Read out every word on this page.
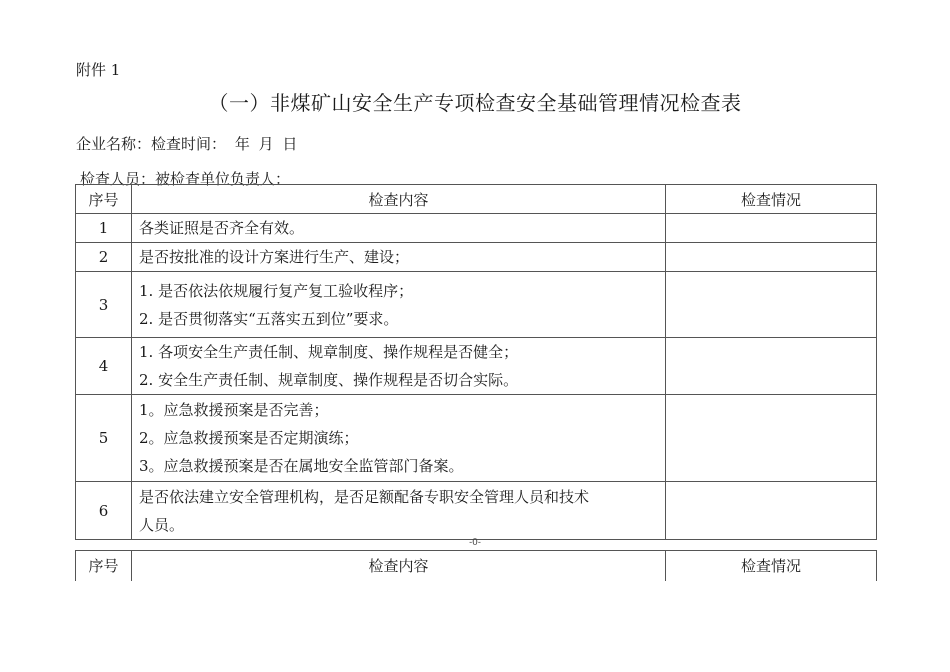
附件 1
（一）非煤矿山安全生产专项检查安全基础管理情况检查表
企业名称：检查时间： 年 月 日
检查人员：被检查单位负责人：
序号	检查内容	检查情况
1	各类证照是否齐全有效。	

2	是否按批准的设计方案进行生产、建设；	

3	1. 是否依法依规履行复产复工验收程序；
2. 是否贯彻落实“五落实五到位”要求。	

4	1. 各项安全生产责任制、规章制度、操作规程是否健全；
2. 安全生产责任制、规章制度、操作规程是否切合实际。	

5	1。应急救援预案是否完善；
2。应急救援预案是否定期演练；
3。应急救援预案是否在属地安全监管部门备案。	

6	是否依法建立安全管理机构，是否足额配备专职安全管理人员和技术
人员。	

-0-
序号	检查内容	检查情况
